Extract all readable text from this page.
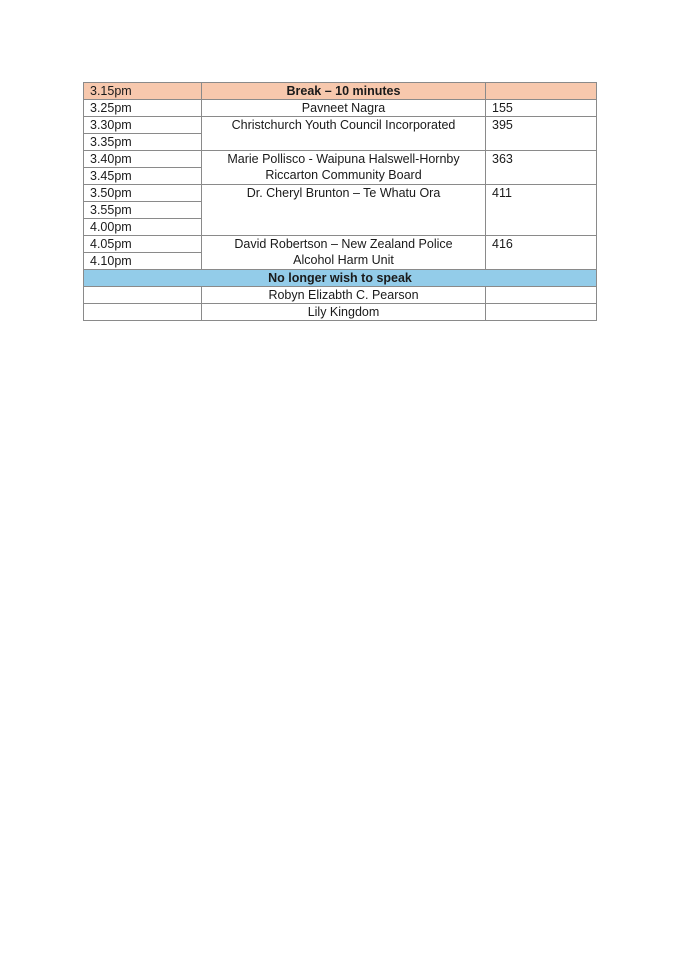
3.15pm	Break – 10 minutes	
3.25pm	Pavneet Nagra	155
3.30pm	Christchurch Youth Council Incorporated	395
3.35pm		
3.40pm	Marie Pollisco - Waipuna Halswell-Hornby
Riccarton Community Board	363
3.45pm		
3.50pm	Dr. Cheryl Brunton – Te Whatu Ora	411
3.55pm		
4.00pm		
4.05pm	David Robertson – New Zealand Police
Alcohol Harm Unit	416
4.10pm		
No longer wish to speak		
	Robyn Elizabth C. Pearson	
	Lily Kingdom	
